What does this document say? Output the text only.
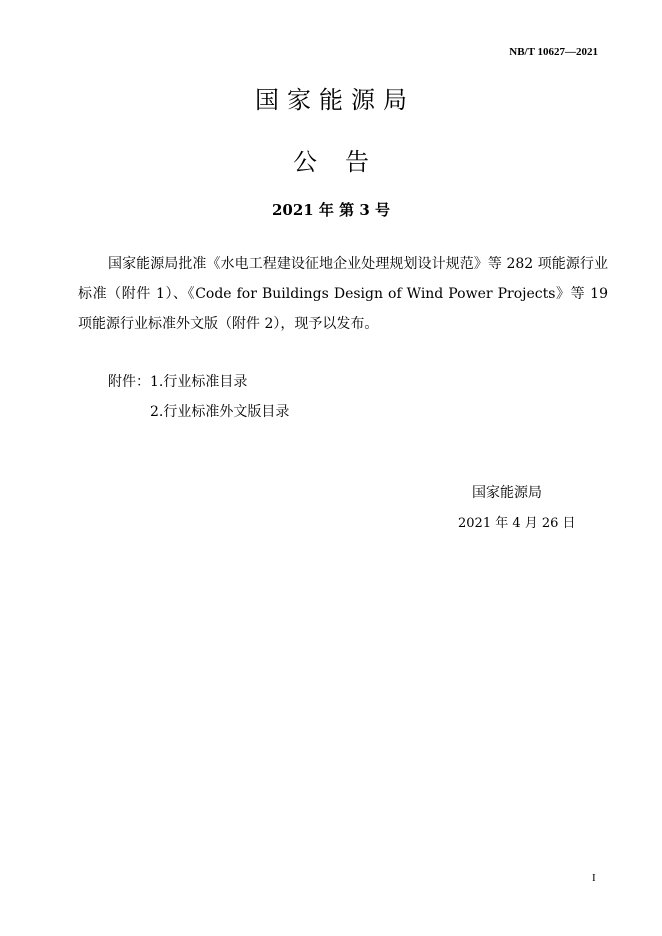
NB/T 10627—2021
国家能源局
公告
2021 年 第 3 号
国家能源局批准《水电工程建设征地企业处理规划设计规范》等 282 项能源行业标准（附件 1）、《Code for Buildings Design of Wind Power Projects》等 19 项能源行业标准外文版（附件 2），现予以发布。
附件： 1.行业标准目录
2.行业标准外文版目录
国家能源局
2021 年 4 月 26 日
I
